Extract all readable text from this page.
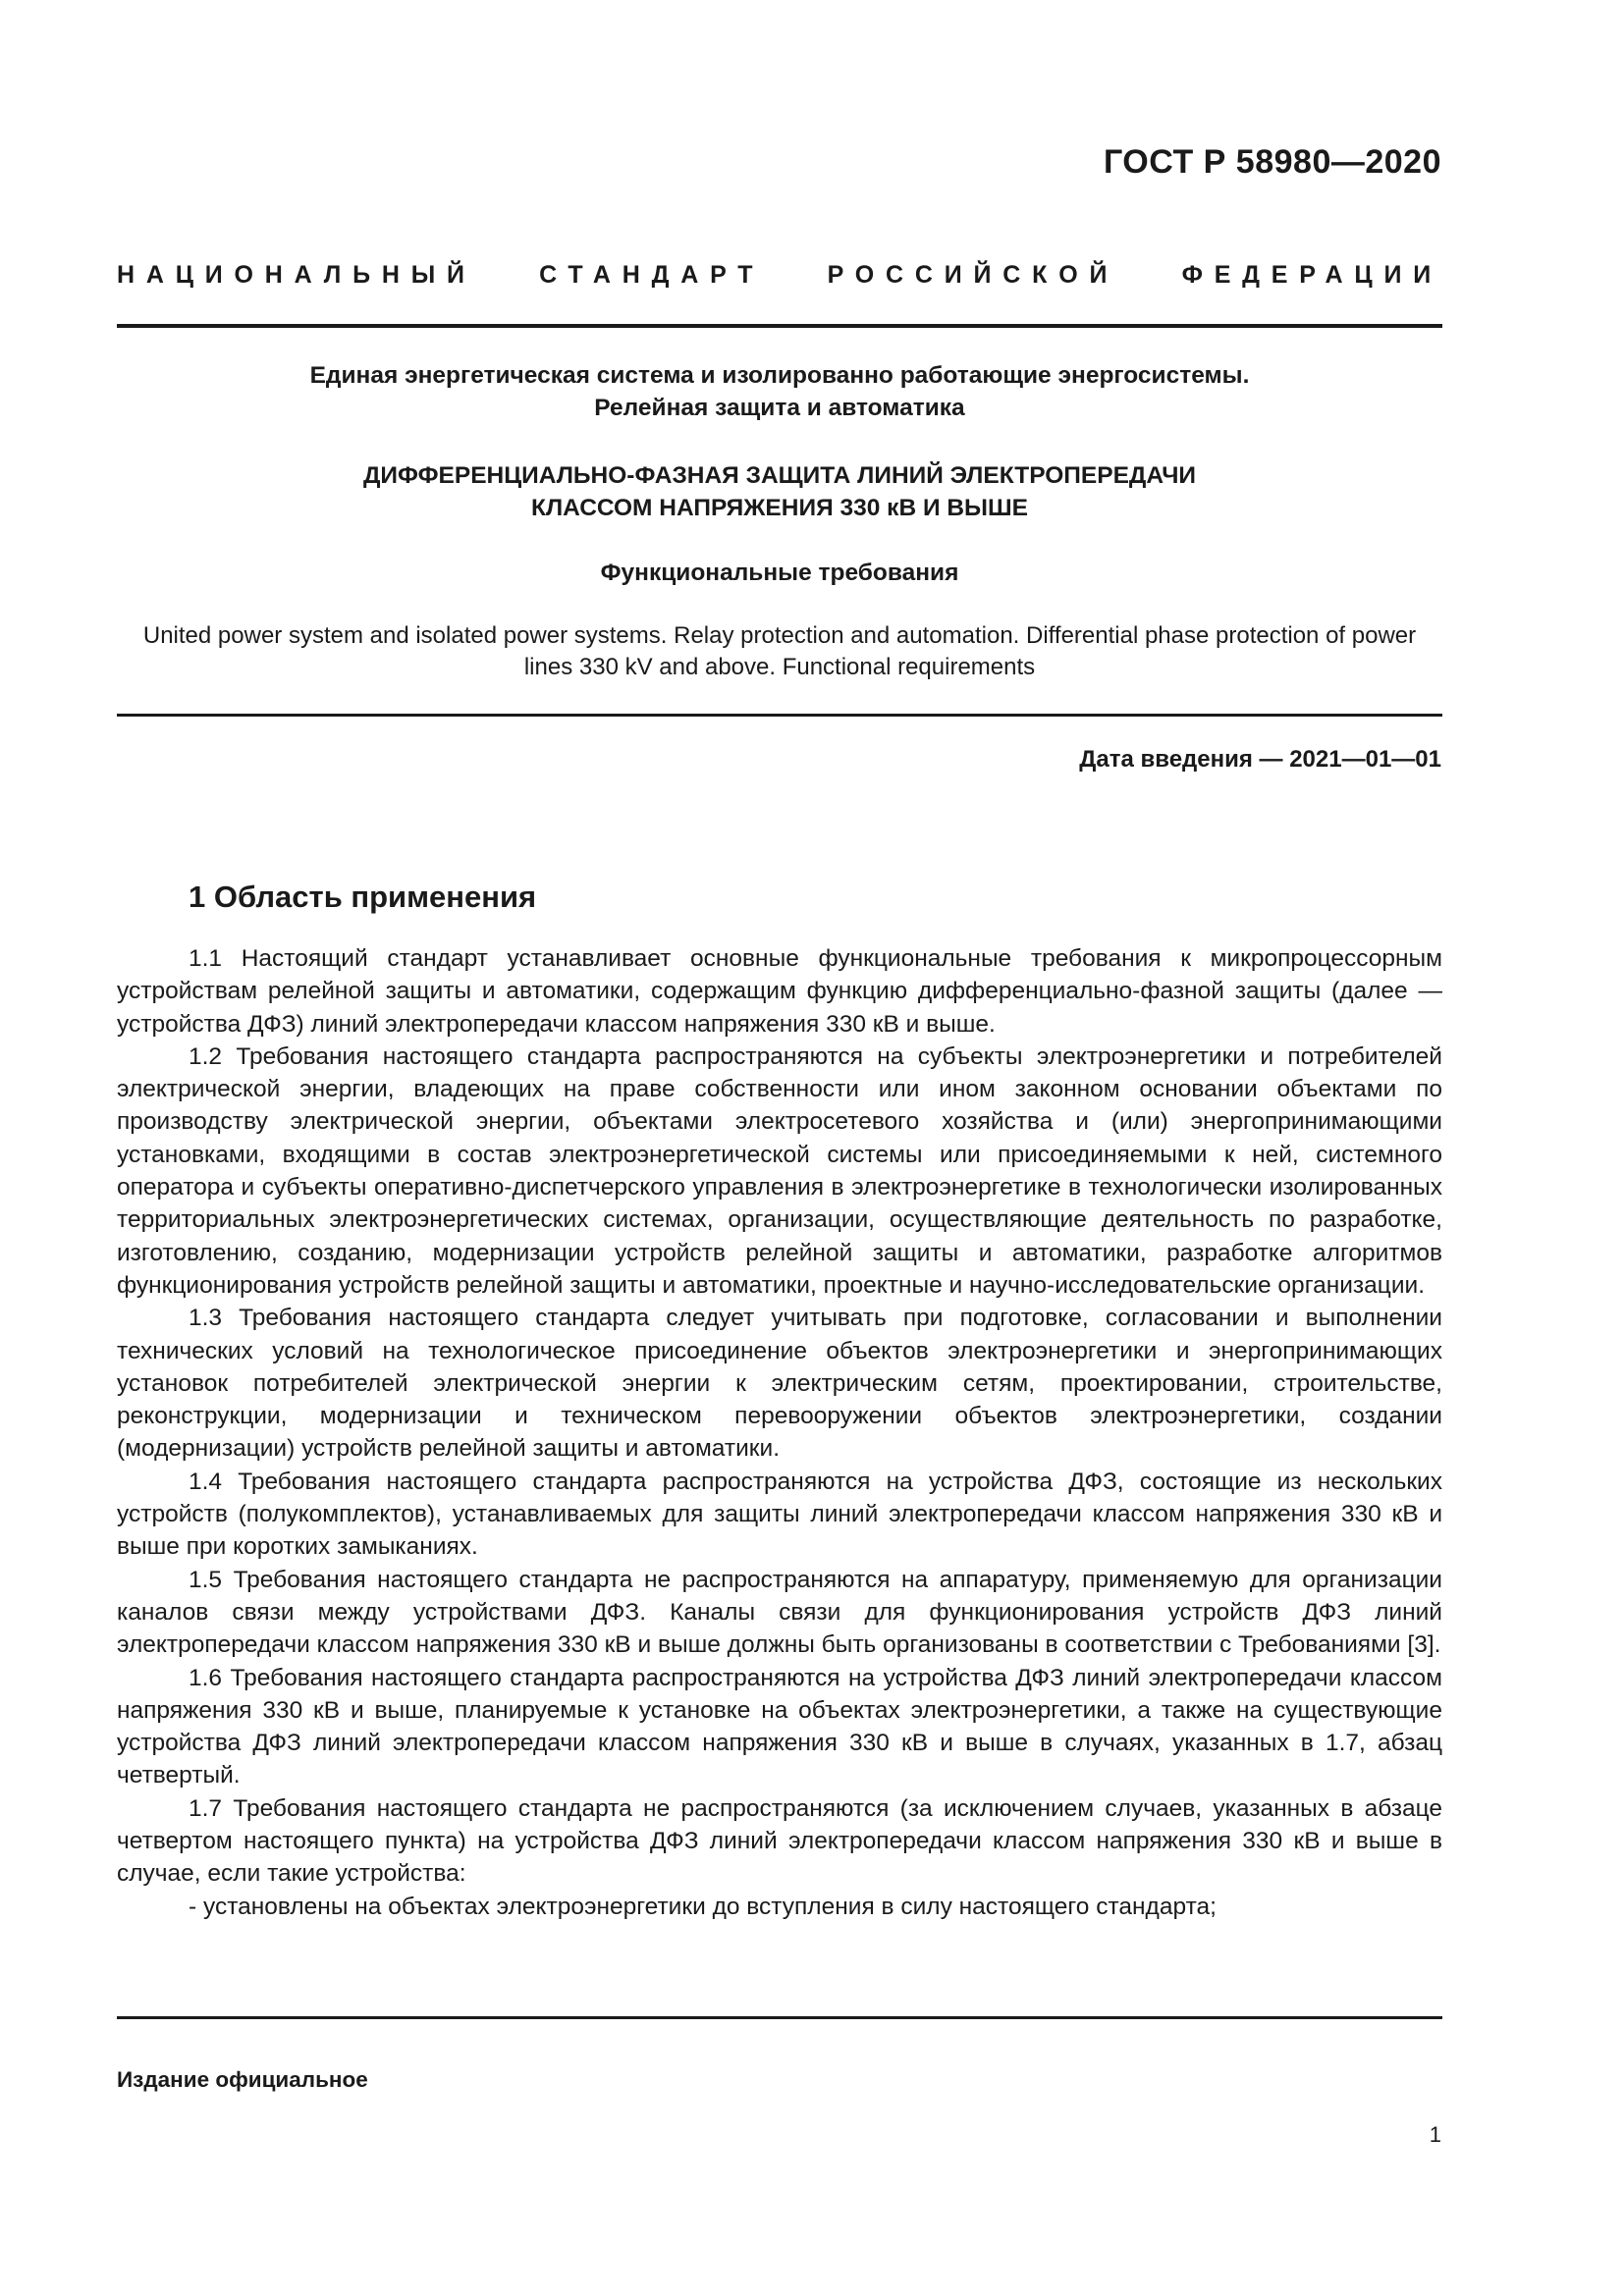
ГОСТ Р 58980—2020
НАЦИОНАЛЬНЫЙ СТАНДАРТ РОССИЙСКОЙ ФЕДЕРАЦИИ
Единая энергетическая система и изолированно работающие энергосистемы.
Релейная защита и автоматика
ДИФФЕРЕНЦИАЛЬНО-ФАЗНАЯ ЗАЩИТА ЛИНИЙ ЭЛЕКТРОПЕРЕДАЧИ
КЛАССОМ НАПРЯЖЕНИЯ 330 кВ И ВЫШЕ
Функциональные требования
United power system and isolated power systems. Relay protection and automation. Differential phase protection of power lines 330 kV and above. Functional requirements
Дата введения — 2021—01—01
1 Область применения

1.1 Настоящий стандарт устанавливает основные функциональные требования к микропроцессорным устройствам релейной защиты и автоматики, содержащим функцию дифференциально-фазной защиты (далее — устройства ДФЗ) линий электропередачи классом напряжения 330 кВ и выше.

1.2 Требования настоящего стандарта распространяются на субъекты электроэнергетики и потребителей электрической энергии, владеющих на праве собственности или ином законном основании объектами по производству электрической энергии, объектами электросетевого хозяйства и (или) энергопринимающими установками, входящими в состав электроэнергетической системы или присоединяемыми к ней, системного оператора и субъекты оперативно-диспетчерского управления в электроэнергетике в технологически изолированных территориальных электроэнергетических системах, организации, осуществляющие деятельность по разработке, изготовлению, созданию, модернизации устройств релейной защиты и автоматики, разработке алгоритмов функционирования устройств релейной защиты и автоматики, проектные и научно-исследовательские организации.

1.3 Требования настоящего стандарта следует учитывать при подготовке, согласовании и выполнении технических условий на технологическое присоединение объектов электроэнергетики и энергопринимающих установок потребителей электрической энергии к электрическим сетям, проектировании, строительстве, реконструкции, модернизации и техническом перевооружении объектов электроэнергетики, создании (модернизации) устройств релейной защиты и автоматики.

1.4 Требования настоящего стандарта распространяются на устройства ДФЗ, состоящие из нескольких устройств (полукомплектов), устанавливаемых для защиты линий электропередачи классом напряжения 330 кВ и выше при коротких замыканиях.

1.5 Требования настоящего стандарта не распространяются на аппаратуру, применяемую для организации каналов связи между устройствами ДФЗ. Каналы связи для функционирования устройств ДФЗ линий электропередачи классом напряжения 330 кВ и выше должны быть организованы в соответствии с Требованиями [3].

1.6 Требования настоящего стандарта распространяются на устройства ДФЗ линий электропередачи классом напряжения 330 кВ и выше, планируемые к установке на объектах электроэнергетики, а также на существующие устройства ДФЗ линий электропередачи классом напряжения 330 кВ и выше в случаях, указанных в 1.7, абзац четвертый.

1.7 Требования настоящего стандарта не распространяются (за исключением случаев, указанных в абзаце четвертом настоящего пункта) на устройства ДФЗ линий электропередачи классом напряжения 330 кВ и выше в случае, если такие устройства:

- установлены на объектах электроэнергетики до вступления в силу настоящего стандарта;

Издание официальное
1
